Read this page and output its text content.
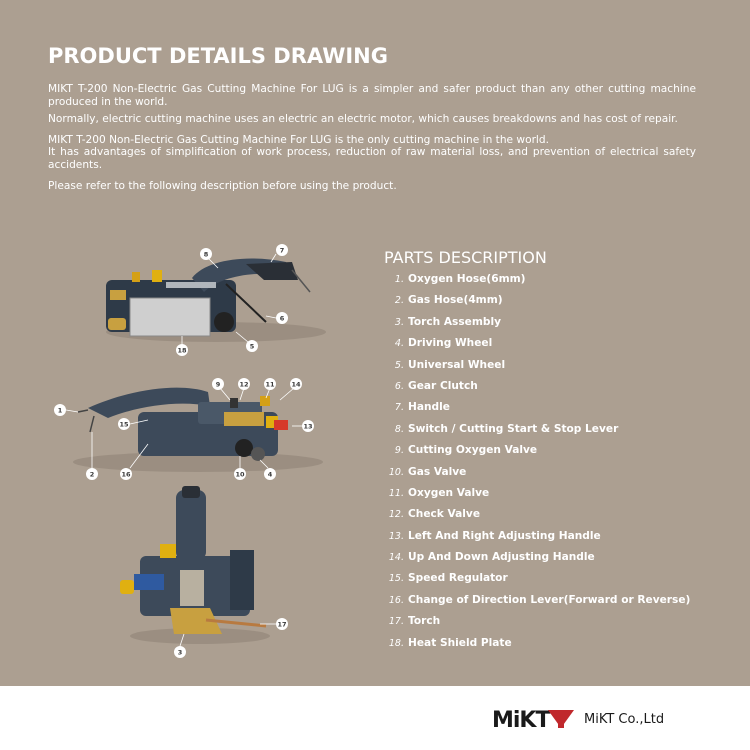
PRODUCT DETAILS DRAWING

MIKT T-200 Non-Electric Gas Cutting Machine For LUG is a simpler and safer product than any other cutting machine produced in the world.

Normally, electric cutting machine uses an electric an electric motor, which causes breakdowns and has cost of repair.

MIKT T-200 Non-Electric Gas Cutting Machine For LUG is the only cutting machine in the world.

It has advantages of simplification of work process, reduction of raw material loss, and prevention of electrical safety accidents.

Please refer to the following description before using the product.

8	7
6
5
18
9	12	11	14
1
15	13
2	16	10	4
17
3
PARTS DESCRIPTION
1. Oxygen Hose(6mm)
2. Gas Hose(4mm)
3. Torch Assembly
4. Driving Wheel
5. Universal Wheel
6. Gear Clutch
7. Handle
8. Switch / Cutting Start & Stop Lever
9. Cutting Oxygen Valve
10. Gas Valve
11. Oxygen Valve
12. Check Valve
13. Left And Right Adjusting Handle
14. Up And Down Adjusting Handle
15. Speed Regulator
16. Change of Direction Lever(Forward or Reverse)
17. Torch
18. Heat Shield Plate
MiKT	MiKT Co.,Ltd
